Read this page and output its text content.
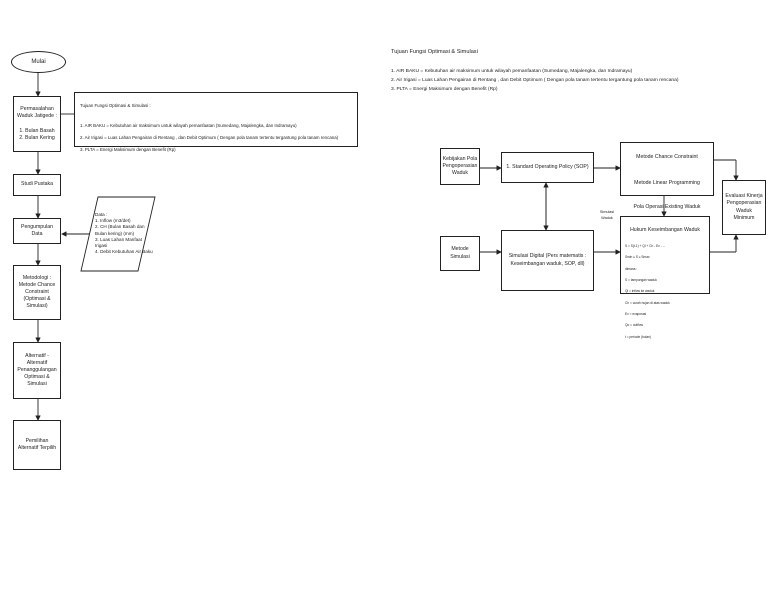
Mulai
Permasalahan
Waduk Jatigede :

1. Bulan Basah
2. Bulan Kering
Studi Pustaka
Pengumpulan
Data
Metodologi :
Metode Chance
Constraint
(Optimasi &
Simulasi)
Alternatif -
Alternatif
Penanggulangan
Optimasi &
Simulasi
Pemilihan
Alternatif Terpilih

Tujuan Fungsi Optimasi & Simulasi :

1. AIR BAKU = Kebutuhan air maksimum untuk wilayah pemanfaatan (Sumedang, Majalengka, dan Indramayu)

2. Air Irigasi = Luas Lahan Pengairan di Rentang , dan Debit Optimum ( Dengan pola tanam tertentu tergantung pola tanam rencana)

3. PLTA = Energi Maksimum dengan Benefit (Rp)

Data :
1. Inflow (m3/det)
2. CH (Bulan Basah dan
Bulan kering) (mm)
3. Luas Lahan Manfaat
Irigasi
4. Debit Kebutuhan Air Baku
Tujuan Fungsi Optimasi & Simulasi
1. AIR BAKU = Kebutuhan air maksimum untuk wilayah pemanfaatan (Sumedang, Majalengka, dan Indramayu)
2. Air Irigasi = Luas Lahan Pengairan di Rentang , dan Debit Optimum ( Dengan pola tanam tertentu tergantung pola tanam rencana)
3. PLTA = Energi Maksimum dengan Benefit (Rp)
Kebijakan Pola
Pengoperasian
Waduk
1. Standard Operating Policy (SOP)

Metode Chance Constraint

Metode Linear Programming

Pola Operasi Existing Waduk

Evaluasi Kinerja
Pengoperasian
Waduk
Minimum
Metode
Simulasi	Simulasi Digital (Pers matematis :
Keseimbangan waduk, SOP, dll)
Simulasi
Waduk

Hukum Keseimbangan Waduk

S = S(t-1) + Ql + Ch - Ev - ...

Smin ≤ S ≤ Smax

dimana :

S = tampungan waduk

Ql = inflow ke waduk

Ch = curah hujan di atas waduk

Ev = evaporasi

Qo = outflow

t = periode (bulan)
